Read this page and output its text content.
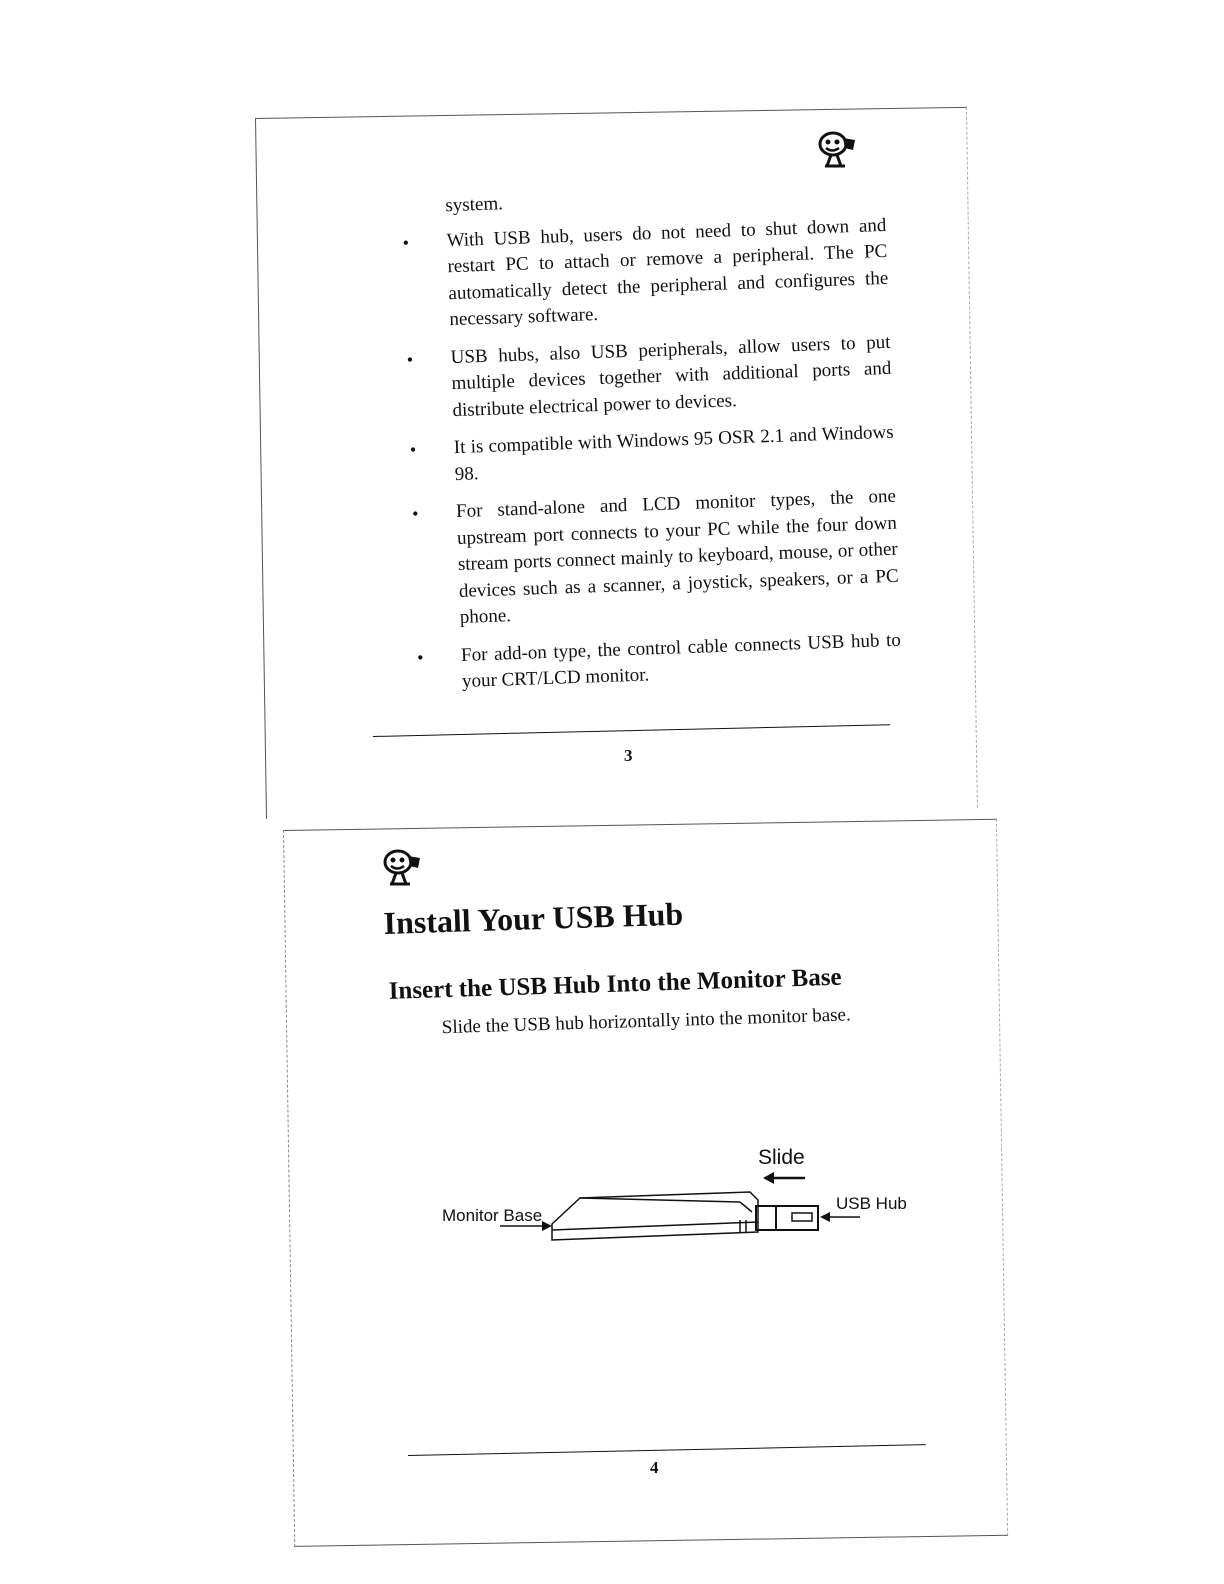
system.

•	With USB hub, users do not need to shut down and restart PC to attach or remove a peripheral. The PC automatically detect the peripheral and configures the necessary software.
•	USB hubs, also USB peripherals, allow users to put multiple devices together with additional ports and distribute electrical power to devices.
•	It is compatible with Windows 95 OSR 2.1 and Windows 98.
•	For stand-alone and LCD monitor types, the one upstream port connects to your PC while the four down stream ports connect mainly to keyboard, mouse, or other devices such as a scanner, a joystick, speakers, or a PC phone.
•	For add-on type, the control cable connects USB hub to your CRT/LCD monitor.
3
Install Your USB Hub
Insert the USB Hub Into the Monitor Base

Slide the USB hub horizontally into the monitor base.

Slide
Monitor Base
USB Hub
4
